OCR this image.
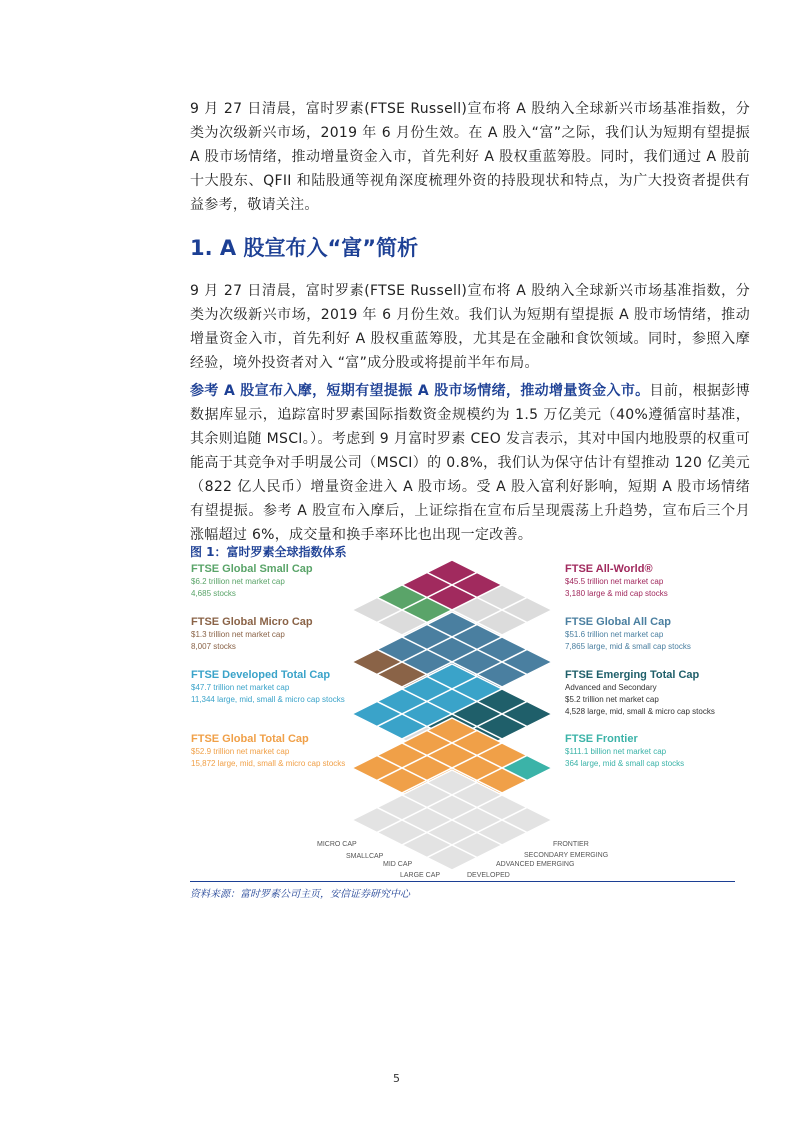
9 月 27 日清晨，富时罗素(FTSE Russell)宣布将 A 股纳入全球新兴市场基准指数，分类为次级新兴市场，2019 年 6 月份生效。在 A 股入“富”之际，我们认为短期有望提振 A 股市场情绪，推动增量资金入市，首先利好 A 股权重蓝筹股。同时，我们通过 A 股前十大股东、QFII 和陆股通等视角深度梳理外资的持股现状和特点，为广大投资者提供有益参考，敬请关注。

1. A 股宣布入“富”简析

9 月 27 日清晨，富时罗素(FTSE Russell)宣布将 A 股纳入全球新兴市场基准指数，分类为次级新兴市场，2019 年 6 月份生效。我们认为短期有望提振 A 股市场情绪，推动增量资金入市，首先利好 A 股权重蓝筹股，尤其是在金融和食饮领域。同时，参照入摩经验，境外投资者对入 “富”成分股或将提前半年布局。

参考 A 股宣布入摩，短期有望提振 A 股市场情绪，推动增量资金入市。目前，根据彭博数据库显示，追踪富时罗素国际指数资金规模约为 1.5 万亿美元（40%遵循富时基准，其余则追随 MSCI。）。考虑到 9 月富时罗素 CEO 发言表示，其对中国内地股票的权重可能高于其竞争对手明晟公司（MSCI）的 0.8%，我们认为保守估计有望推动 120 亿美元（822 亿人民币）增量资金进入 A 股市场。受 A 股入富利好影响，短期 A 股市场情绪有望提振。参考 A 股宣布入摩后，上证综指在宣布后呈现震荡上升趋势，宣布后三个月涨幅超过 6%，成交量和换手率环比也出现一定改善。

图 1：富时罗素全球指数体系
FTSE Global Small Cap
$6.2 trillion net market cap
4,685 stocks
FTSE Global Micro Cap
$1.3 trillion net market cap
8,007 stocks
FTSE Developed Total Cap
$47.7 trillion net market cap
11,344 large, mid, small & micro cap stocks
FTSE Global Total Cap
$52.9 trillion net market cap
15,872 large, mid, small & micro cap stocks
FTSE All-World®
$45.5 trillion net market cap
3,180 large & mid cap stocks
FTSE Global All Cap
$51.6 trillion net market cap
7,865 large, mid & small cap stocks
FTSE Emerging Total Cap
Advanced and Secondary
$5.2 trillion net market cap
4,528 large, mid, small & micro cap stocks
FTSE Frontier
$111.1 billion net market cap
364 large, mid & small cap stocks
MICRO CAP
SMALLCAP
MID CAP
LARGE CAP
FRONTIER
SECONDARY EMERGING
ADVANCED EMERGING
DEVELOPED
资料来源：富时罗素公司主页，安信证券研究中心
5
